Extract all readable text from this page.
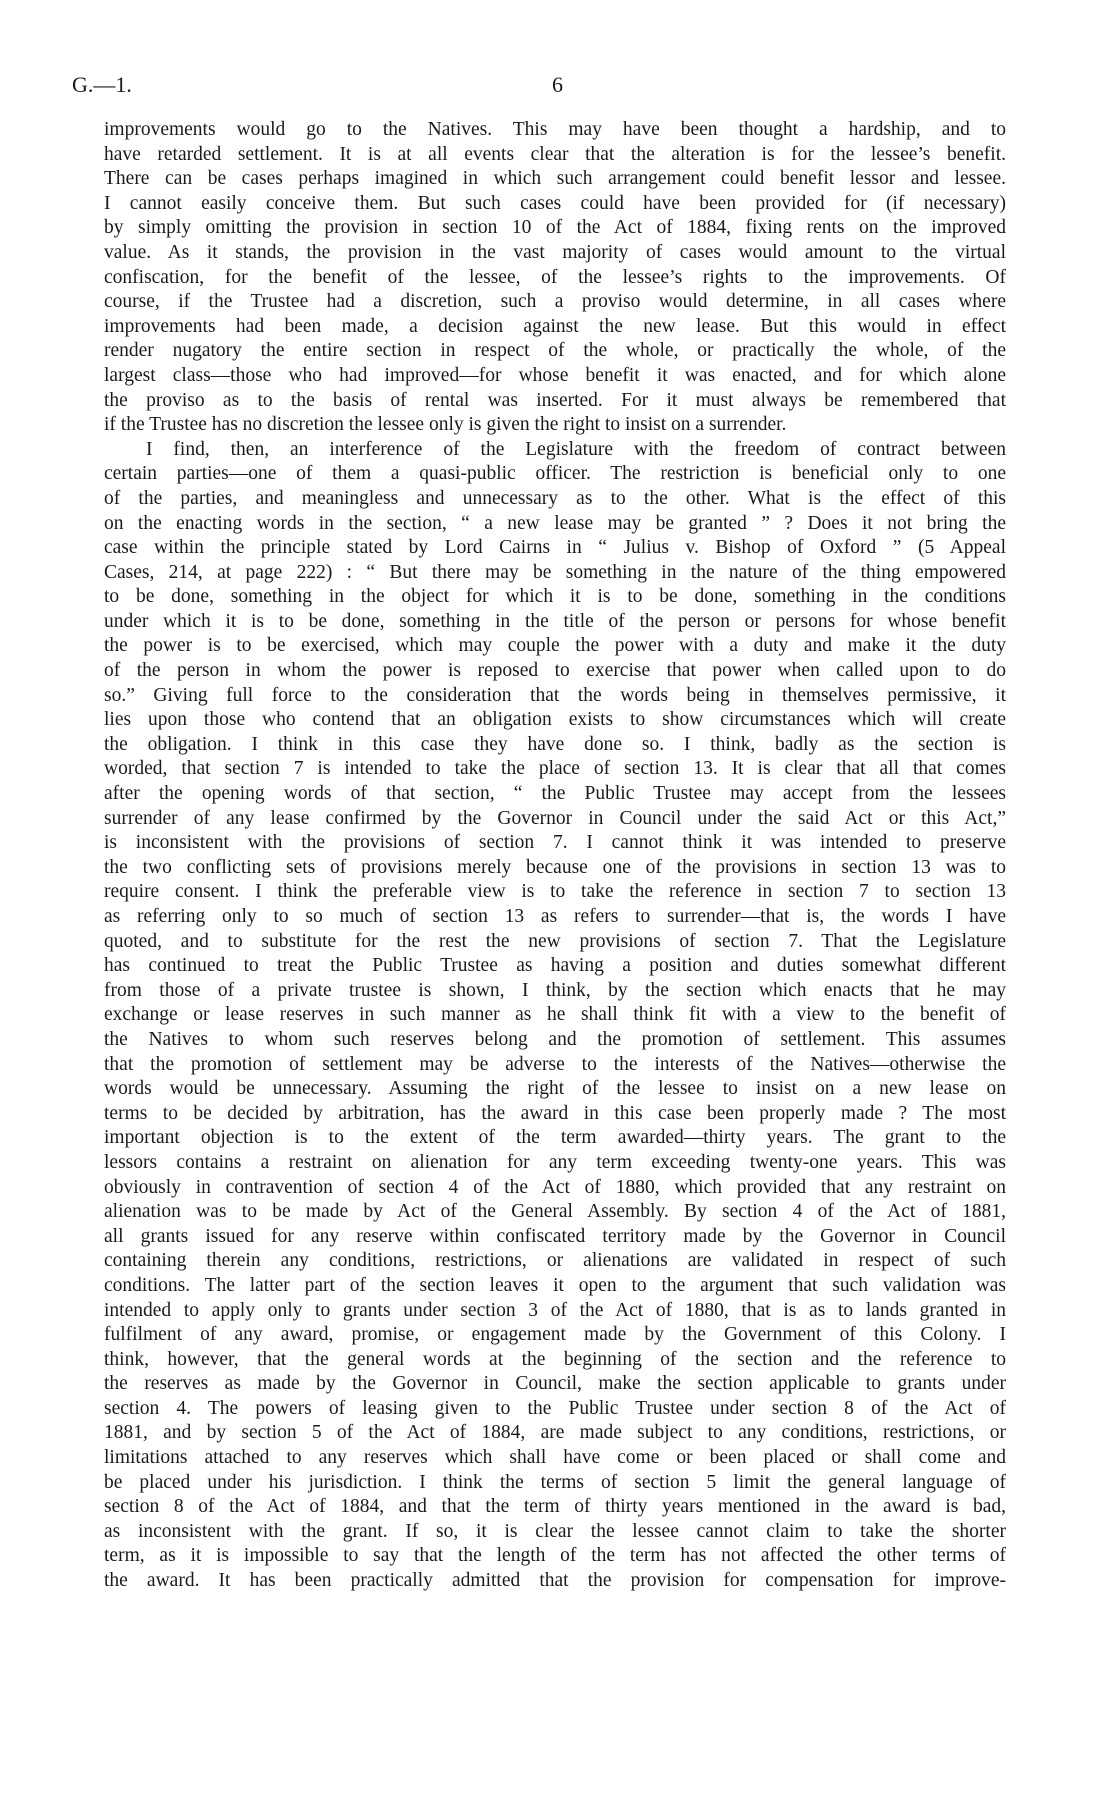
G.—1.	6

improvements would go to the Natives. This may have been thought a hardship, and to

have retarded settlement. It is at all events clear that the alteration is for the lessee’s benefit.

There can be cases perhaps imagined in which such arrangement could benefit lessor and lessee.

I cannot easily conceive them. But such cases could have been provided for (if necessary)

by simply omitting the provision in section 10 of the Act of 1884, fixing rents on the improved

value. As it stands, the provision in the vast majority of cases would amount to the virtual

confiscation, for the benefit of the lessee, of the lessee’s rights to the improvements. Of

course, if the Trustee had a discretion, such a proviso would determine, in all cases where

improvements had been made, a decision against the new lease. But this would in effect

render nugatory the entire section in respect of the whole, or practically the whole, of the

largest class—those who had improved—for whose benefit it was enacted, and for which alone

the proviso as to the basis of rental was inserted. For it must always be remembered that

if the Trustee has no discretion the lessee only is given the right to insist on a surrender.

I find, then, an interference of the Legislature with the freedom of contract between

certain parties—one of them a quasi-public officer. The restriction is beneficial only to one

of the parties, and meaningless and unnecessary as to the other. What is the effect of this

on the enacting words in the section, “ a new lease may be granted ” ? Does it not bring the

case within the principle stated by Lord Cairns in “ Julius v. Bishop of Oxford ” (5 Appeal

Cases, 214, at page 222) : “ But there may be something in the nature of the thing empowered

to be done, something in the object for which it is to be done, something in the conditions

under which it is to be done, something in the title of the person or persons for whose benefit

the power is to be exercised, which may couple the power with a duty and make it the duty

of the person in whom the power is reposed to exercise that power when called upon to do

so.” Giving full force to the consideration that the words being in themselves permissive, it

lies upon those who contend that an obligation exists to show circumstances which will create

the obligation. I think in this case they have done so. I think, badly as the section is

worded, that section 7 is intended to take the place of section 13. It is clear that all that comes

after the opening words of that section, “ the Public Trustee may accept from the lessees

surrender of any lease confirmed by the Governor in Council under the said Act or this Act,”

is inconsistent with the provisions of section 7. I cannot think it was intended to preserve

the two conflicting sets of provisions merely because one of the provisions in section 13 was to

require consent. I think the preferable view is to take the reference in section 7 to section 13

as referring only to so much of section 13 as refers to surrender—that is, the words I have

quoted, and to substitute for the rest the new provisions of section 7. That the Legislature

has continued to treat the Public Trustee as having a position and duties somewhat different

from those of a private trustee is shown, I think, by the section which enacts that he may

exchange or lease reserves in such manner as he shall think fit with a view to the benefit of

the Natives to whom such reserves belong and the promotion of settlement. This assumes

that the promotion of settlement may be adverse to the interests of the Natives—otherwise the

words would be unnecessary. Assuming the right of the lessee to insist on a new lease on

terms to be decided by arbitration, has the award in this case been properly made ? The most

important objection is to the extent of the term awarded—thirty years. The grant to the

lessors contains a restraint on alienation for any term exceeding twenty-one years. This was

obviously in contravention of section 4 of the Act of 1880, which provided that any restraint on

alienation was to be made by Act of the General Assembly. By section 4 of the Act of 1881,

all grants issued for any reserve within confiscated territory made by the Governor in Council

containing therein any conditions, restrictions, or alienations are validated in respect of such

conditions. The latter part of the section leaves it open to the argument that such validation was

intended to apply only to grants under section 3 of the Act of 1880, that is as to lands granted in

fulfilment of any award, promise, or engagement made by the Government of this Colony. I

think, however, that the general words at the beginning of the section and the reference to

the reserves as made by the Governor in Council, make the section applicable to grants under

section 4. The powers of leasing given to the Public Trustee under section 8 of the Act of

1881, and by section 5 of the Act of 1884, are made subject to any conditions, restrictions, or

limitations attached to any reserves which shall have come or been placed or shall come and

be placed under his jurisdiction. I think the terms of section 5 limit the general language of

section 8 of the Act of 1884, and that the term of thirty years mentioned in the award is bad,

as inconsistent with the grant. If so, it is clear the lessee cannot claim to take the shorter

term, as it is impossible to say that the length of the term has not affected the other terms of

the award. It has been practically admitted that the provision for compensation for improve-
